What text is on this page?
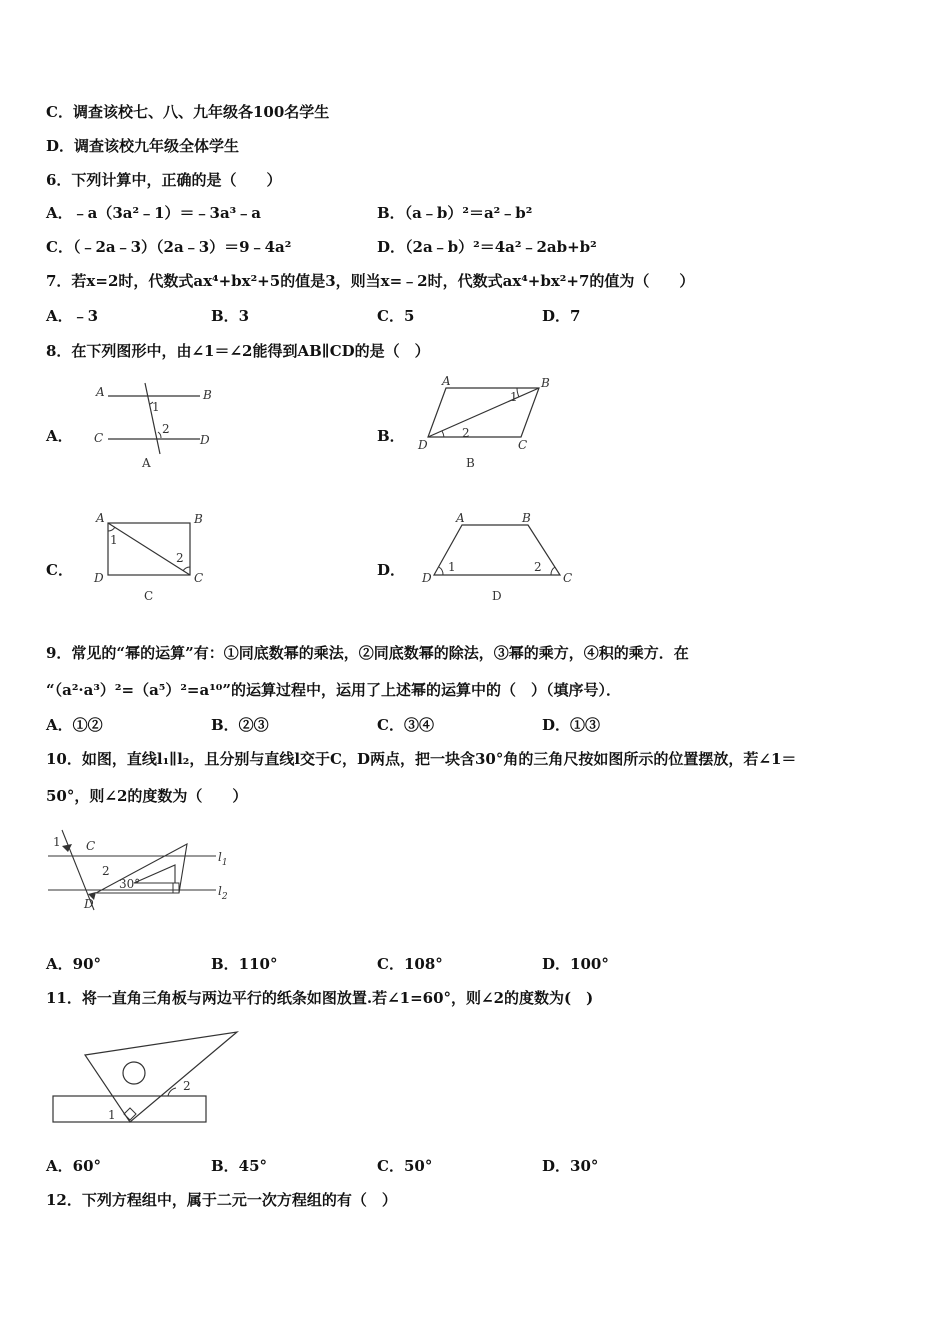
C．调查该校七、八、九年级各100名学生
D．调查该校九年级全体学生
6．下列计算中，正确的是（　　）
A．﹣a（3a²﹣1）＝﹣3a³﹣a	B．（a﹣b）²＝a²﹣b²
C．（﹣2a﹣3）（2a﹣3）＝9﹣4a²	D．（2a﹣b）²＝4a²﹣2ab+b²
7．若x=2时，代数式ax⁴+bx²+5的值是3，则当x=﹣2时，代数式ax⁴+bx²+7的值为（　　）
A．﹣3	B．3	C．5	D．7
8．在下列图形中，由∠1＝∠2能得到AB∥CD的是（　）
A．	B．
C．	D．
A	B
C	D
1
2
A
A	B
C
D
1
2
B
A	B
C
D
1
2
C
A	B
C
D
1	2
D
9．常见的“幂的运算”有：①同底数幂的乘法，②同底数幂的除法，③幂的乘方，④积的乘方．在
“（a²·a³）²=（a⁵）²=a¹⁰”的运算过程中，运用了上述幂的运算中的（　）（填序号）．
A．①②	B．②③	C．③④	D．①③
10．如图，直线l₁∥l₂，且分别与直线l交于C，D两点，把一块含30°角的三角尺按如图所示的位置摆放，若∠1＝
50°，则∠2的度数为（　　）
1 C
2
D
30°
$l_1$
$l_2$
A．90°	B．110°	C．108°	D．100°
11．将一直角三角板与两边平行的纸条如图放置.若∠1=60°，则∠2的度数为(　)
1
2
A．60°	B．45°	C．50°	D．30°
12．下列方程组中，属于二元一次方程组的有（　）
